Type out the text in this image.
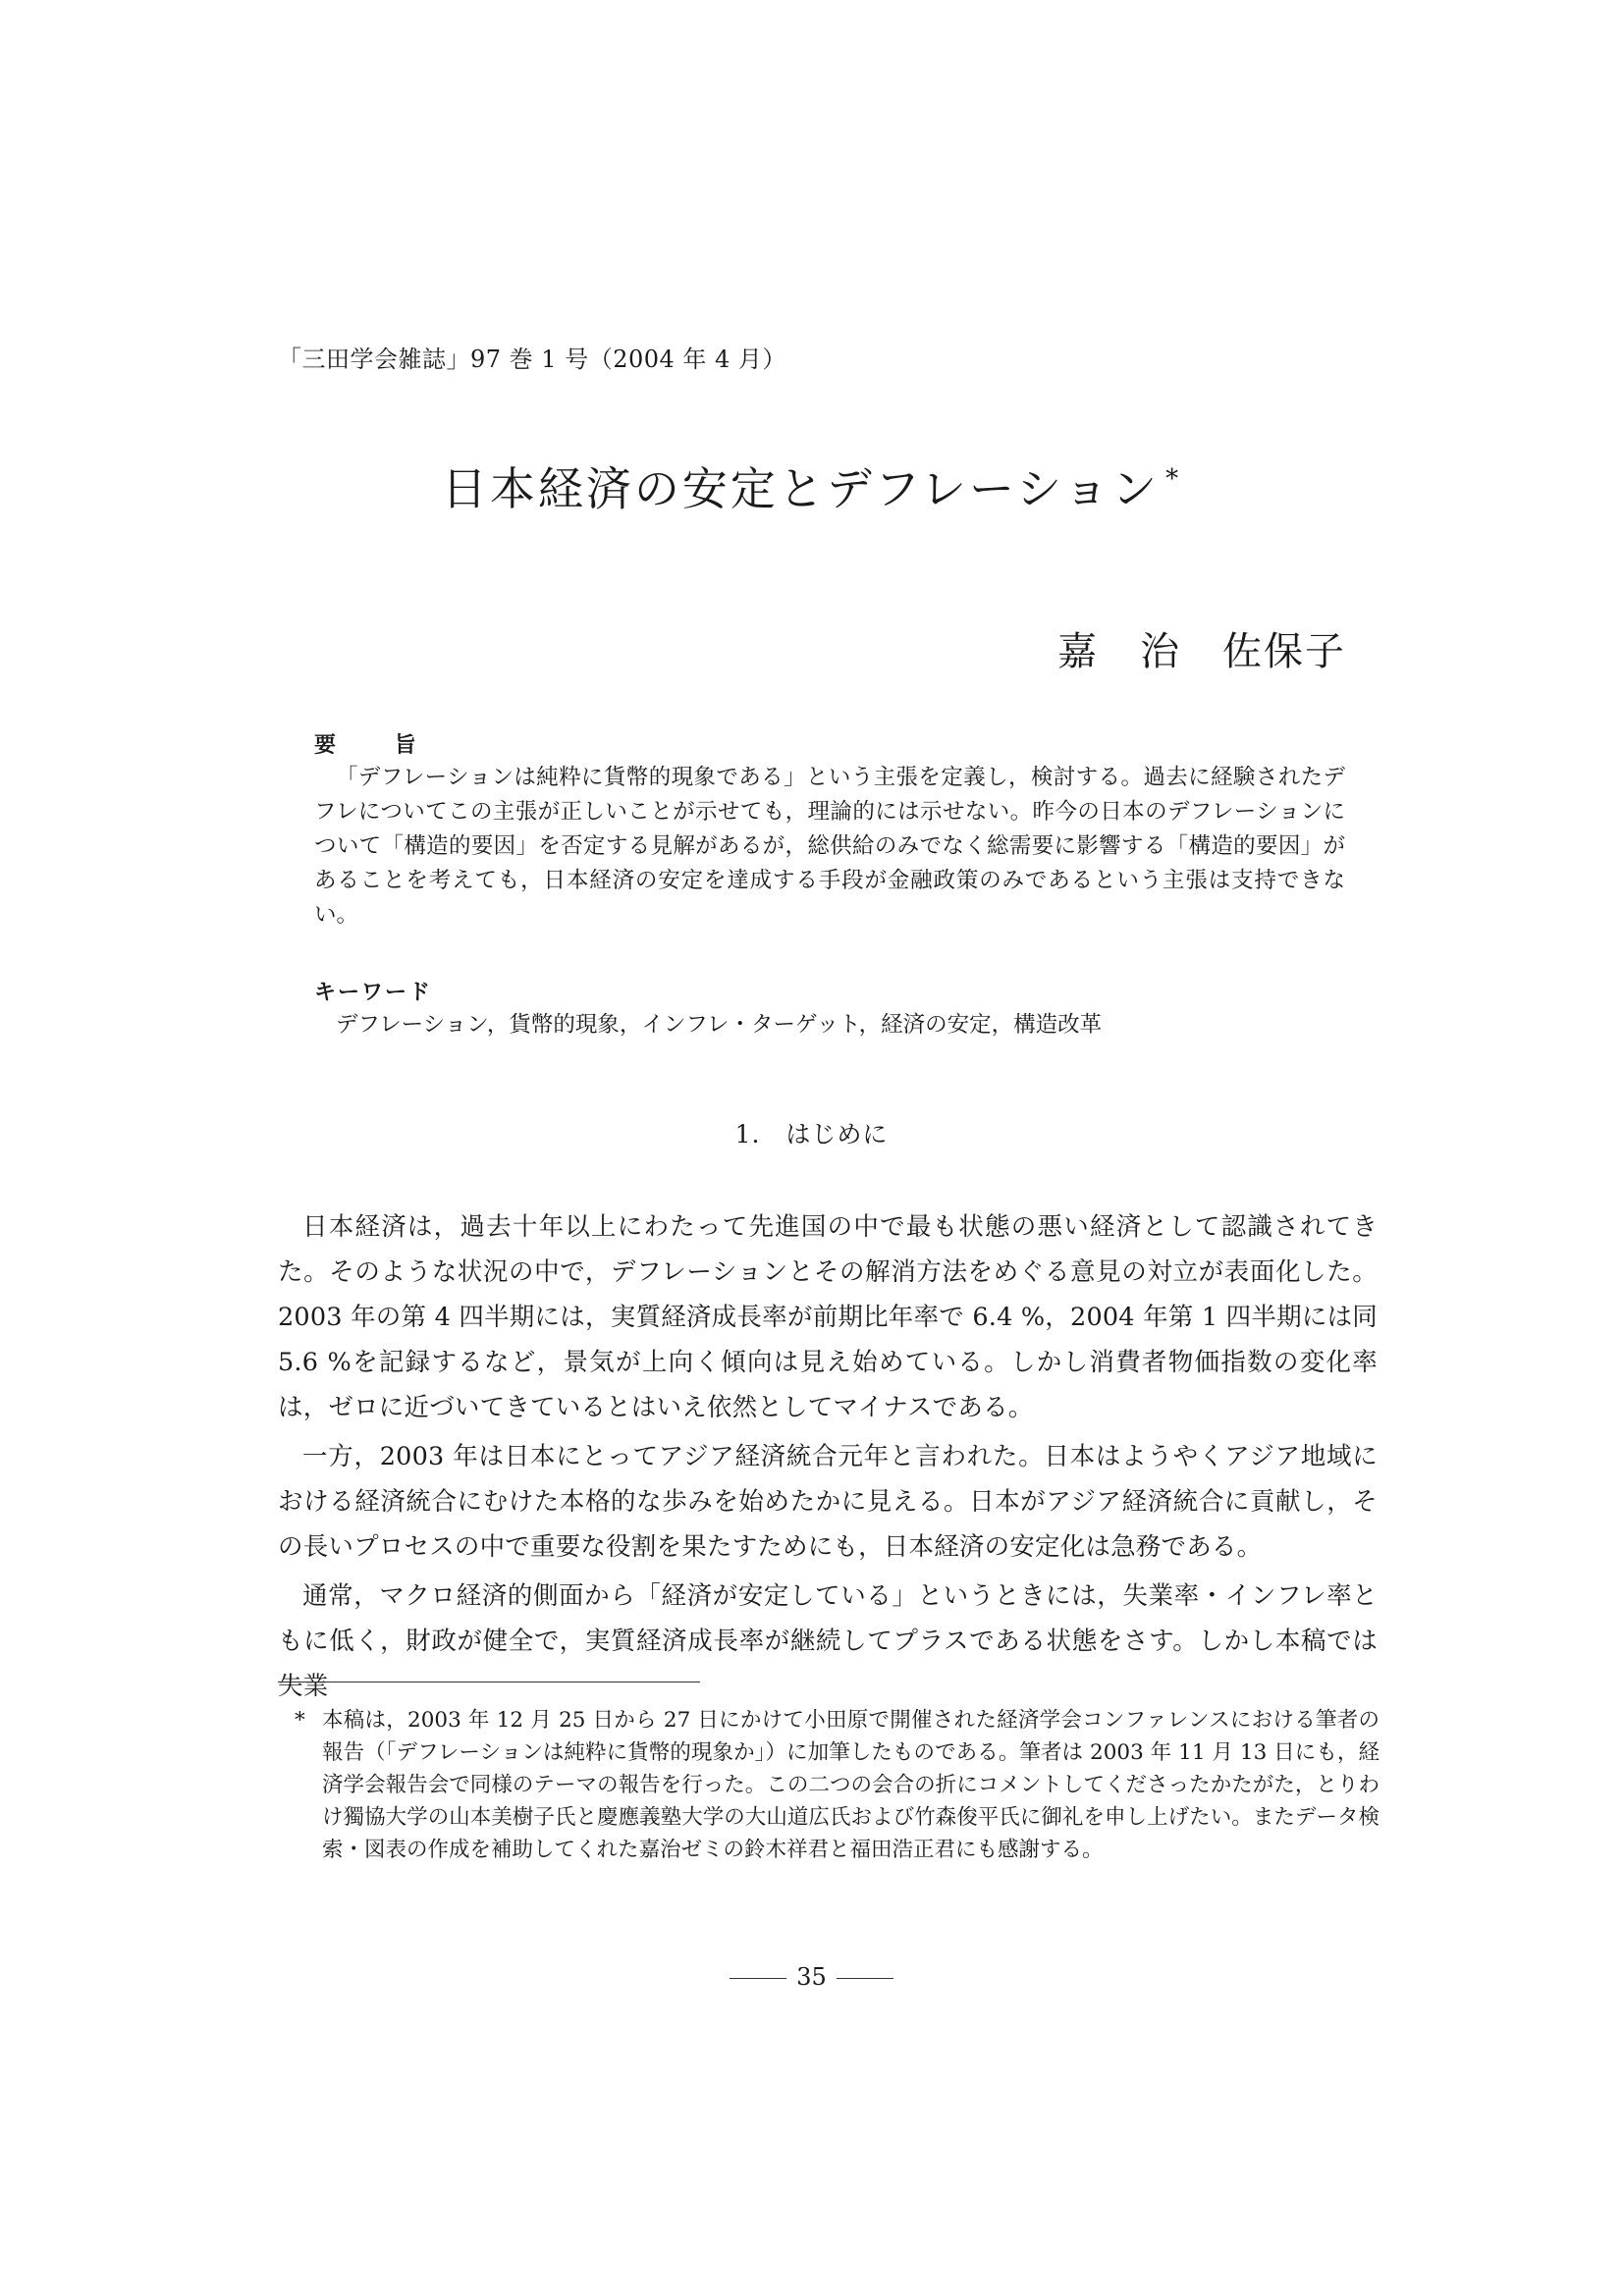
「三田学会雑誌」97 巻 1 号（2004 年 4 月）
日本経済の安定とデフレーション *
嘉　治　佐保子
要 旨

「デフレーションは純粋に貨幣的現象である」という主張を定義し，検討する。過去に経験されたデフレについてこの主張が正しいことが示せても，理論的には示せない。昨今の日本のデフレーションについて「構造的要因」を否定する見解があるが，総供給のみでなく総需要に影響する「構造的要因」があることを考えても，日本経済の安定を達成する手段が金融政策のみであるという主張は支持できない。

キーワード

デフレーション，貨幣的現象，インフレ・ターゲット，経済の安定，構造改革

1.　はじめに

日本経済は，過去十年以上にわたって先進国の中で最も状態の悪い経済として認識されてきた。そのような状況の中で，デフレーションとその解消方法をめぐる意見の対立が表面化した。2003 年の第 4 四半期には，実質経済成長率が前期比年率で 6.4 %，2004 年第 1 四半期には同 5.6 %を記録するなど，景気が上向く傾向は見え始めている。しかし消費者物価指数の変化率は，ゼロに近づいてきているとはいえ依然としてマイナスである。

一方，2003 年は日本にとってアジア経済統合元年と言われた。日本はようやくアジア地域における経済統合にむけた本格的な歩みを始めたかに見える。日本がアジア経済統合に貢献し，その長いプロセスの中で重要な役割を果たすためにも，日本経済の安定化は急務である。

通常，マクロ経済的側面から「経済が安定している」というときには，失業率・インフレ率ともに低く，財政が健全で，実質経済成長率が継続してプラスである状態をさす。しかし本稿では失業

* 本稿は，2003 年 12 月 25 日から 27 日にかけて小田原で開催された経済学会コンファレンスにおける筆者の報告（「デフレーションは純粋に貨幣的現象か」）に加筆したものである。筆者は 2003 年 11 月 13 日にも，経済学会報告会で同様のテーマの報告を行った。この二つの会合の折にコメントしてくださったかたがた，とりわけ獨協大学の山本美樹子氏と慶應義塾大学の大山道広氏および竹森俊平氏に御礼を申し上げたい。またデータ検索・図表の作成を補助してくれた嘉治ゼミの鈴木祥君と福田浩正君にも感謝する。
35
